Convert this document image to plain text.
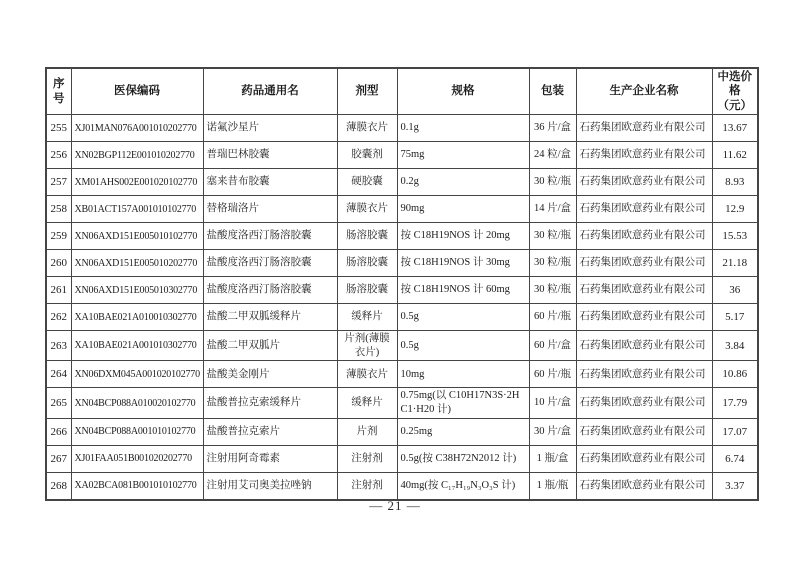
序号	医保编码	药品通用名	剂型	规格	包装	生产企业名称	中选价格（元）
255	XJ01MAN076A001010202770	诺氟沙星片	薄膜衣片	0.1g	36 片/盒	石药集团欧意药业有限公司	13.67
256	XN02BGP112E001010202770	普瑞巴林胶囊	胶囊剂	75mg	24 粒/盒	石药集团欧意药业有限公司	11.62
257	XM01AHS002E001020102770	塞来昔布胶囊	硬胶囊	0.2g	30 粒/瓶	石药集团欧意药业有限公司	8.93
258	XB01ACT157A001010102770	替格瑞洛片	薄膜衣片	90mg	14 片/盒	石药集团欧意药业有限公司	12.9
259	XN06AXD151E005010102770	盐酸度洛西汀肠溶胶囊	肠溶胶囊	按 C18H19NOS 计 20mg	30 粒/瓶	石药集团欧意药业有限公司	15.53
260	XN06AXD151E005010202770	盐酸度洛西汀肠溶胶囊	肠溶胶囊	按 C18H19NOS 计 30mg	30 粒/瓶	石药集团欧意药业有限公司	21.18
261	XN06AXD151E005010302770	盐酸度洛西汀肠溶胶囊	肠溶胶囊	按 C18H19NOS 计 60mg	30 粒/瓶	石药集团欧意药业有限公司	36
262	XA10BAE021A010010302770	盐酸二甲双胍缓释片	缓释片	0.5g	60 片/瓶	石药集团欧意药业有限公司	5.17
263	XA10BAE021A001010302770	盐酸二甲双胍片	片剂(薄膜衣片)	0.5g	60 片/盒	石药集团欧意药业有限公司	3.84
264	XN06DXM045A001020102770	盐酸美金刚片	薄膜衣片	10mg	60 片/瓶	石药集团欧意药业有限公司	10.86
265	XN04BCP088A010020102770	盐酸普拉克索缓释片	缓释片	0.75mg(以 C10H17N3S·2HC1·H20 计)	10 片/盒	石药集团欧意药业有限公司	17.79
266	XN04BCP088A001010102770	盐酸普拉克索片	片剂	0.25mg	30 片/盒	石药集团欧意药业有限公司	17.07
267	XJ01FAA051B001020202770	注射用阿奇霉素	注射剂	0.5g(按 C38H72N2012 计)	1 瓶/盒	石药集团欧意药业有限公司	6.74
268	XA02BCA081B001010102770	注射用艾司奥美拉唑钠	注射剂	40mg(按 C₁₇H₁₉N₃O₃S 计)	1 瓶/瓶	石药集团欧意药业有限公司	3.37
— 21 —
